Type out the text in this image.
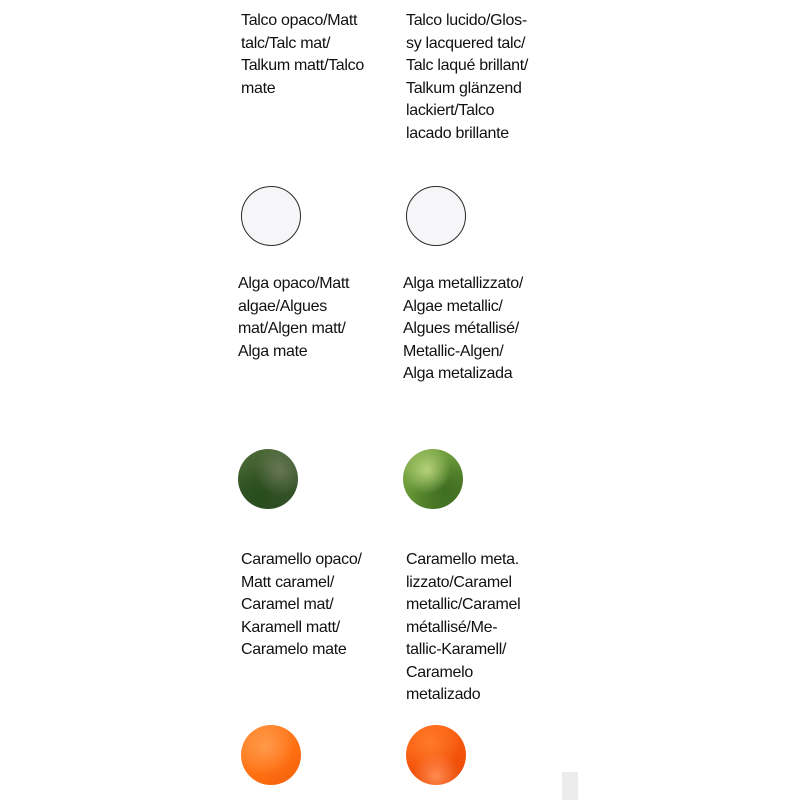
Talco opaco/Matt
talc/Talc mat/
Talkum matt/Talco
mate

Talco lucido/Glos-
sy lacquered talc/
Talc laqué brillant/
Talkum glänzend
lackiert/Talco
lacado brillante

Alga opaco/Matt
algae/Algues
mat/Algen matt/
Alga mate

Alga metallizzato/
Algae metallic/
Algues métallisé/
Metallic-Algen/
Alga metalizada

Caramello opaco/
Matt caramel/
Caramel mat/
Karamell matt/
Caramelo mate

Caramello meta.
lizzato/Caramel
metallic/Caramel
métallisé/Me-
tallic-Karamell/
Caramelo
metalizado
